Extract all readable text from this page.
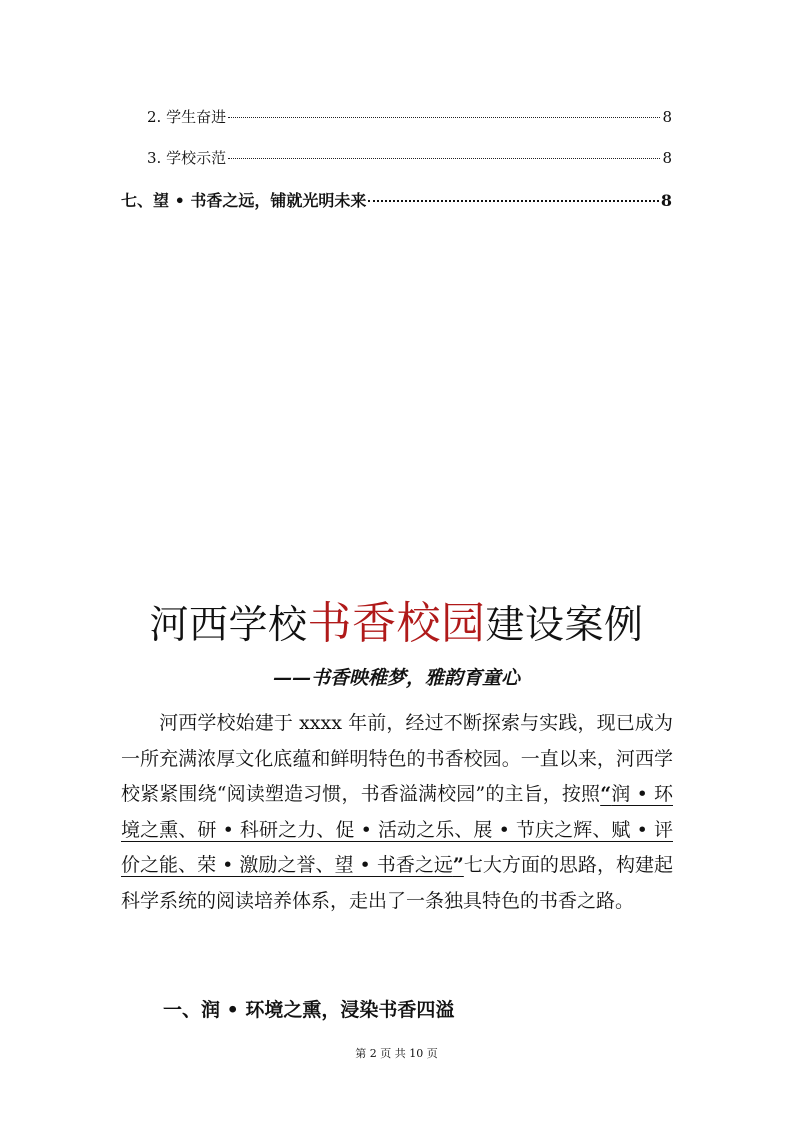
2. 学生奋进	8
3. 学校示范	8
七、望 • 书香之远，铺就光明未来	8
河西学校书香校园建设案例
——书香映稚梦，雅韵育童心
河西学校始建于 xxxx 年前，经过不断探索与实践，现已成为一所充满浓厚文化底蕴和鲜明特色的书香校园。一直以来，河西学校紧紧围绕“阅读塑造习惯，书香溢满校园”的主旨，按照“润 • 环境之熏、研 • 科研之力、促 • 活动之乐、展 • 节庆之辉、赋 • 评价之能、荣 • 激励之誉、望 • 书香之远”七大方面的思路，构建起科学系统的阅读培养体系，走出了一条独具特色的书香之路。
一、润 • 环境之熏，浸染书香四溢
第 2 页 共 10 页
